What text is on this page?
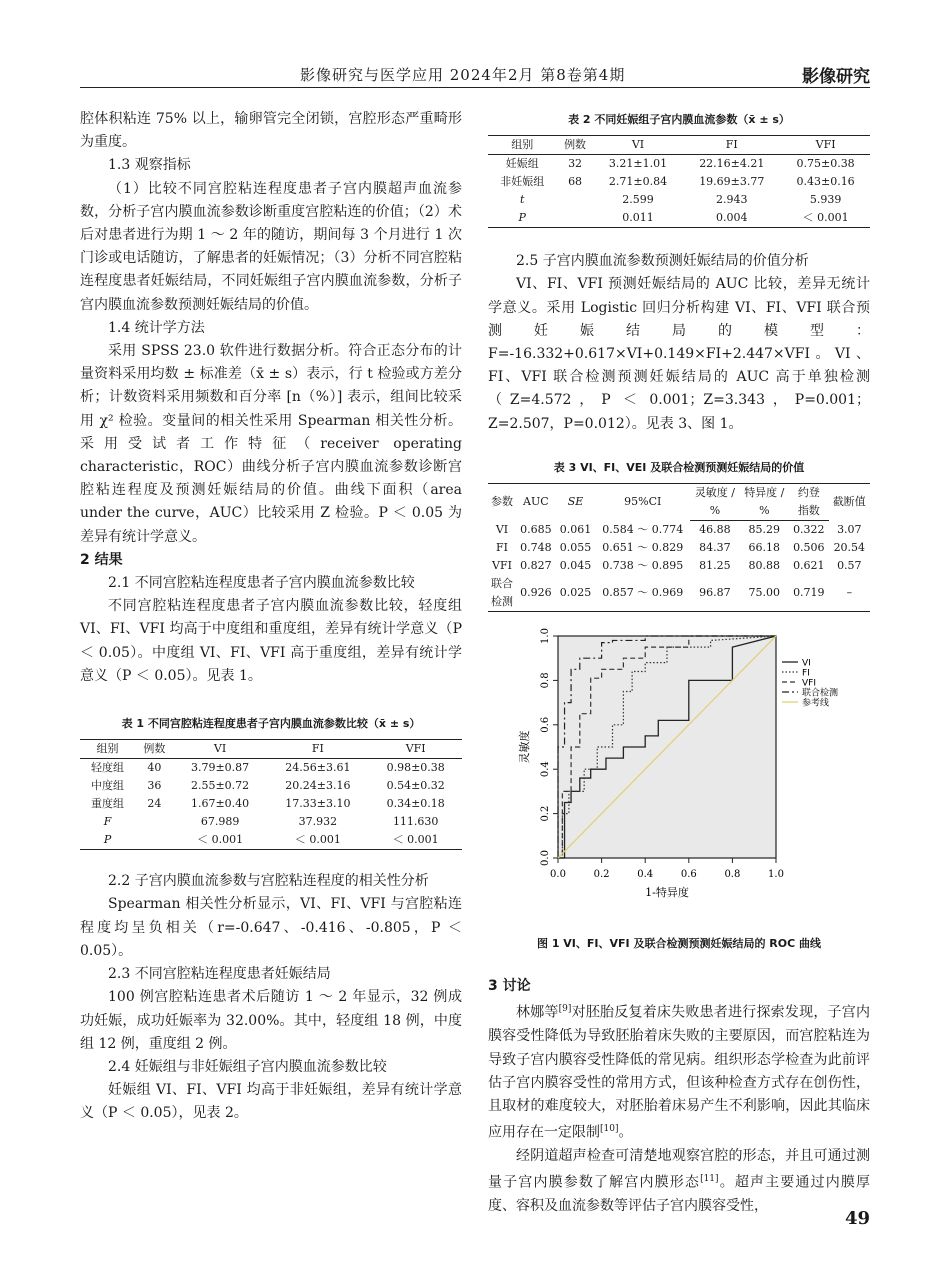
影像研究与医学应用 2024年2月 第8卷第4期	影像研究

腔体积粘连 75% 以上，输卵管完全闭锁，宫腔形态严重畸形为重度。

1.3 观察指标

（1）比较不同宫腔粘连程度患者子宫内膜超声血流参数，分析子宫内膜血流参数诊断重度宫腔粘连的价值；（2）术后对患者进行为期 1 ～ 2 年的随访，期间每 3 个月进行 1 次门诊或电话随访，了解患者的妊娠情况；（3）分析不同宫腔粘连程度患者妊娠结局，不同妊娠组子宫内膜血流参数，分析子宫内膜血流参数预测妊娠结局的价值。

1.4 统计学方法

采用 SPSS 23.0 软件进行数据分析。符合正态分布的计量资料采用均数 ± 标准差（x̄ ± s）表示，行 t 检验或方差分析；计数资料采用频数和百分率 [n（%）] 表示，组间比较采用 χ² 检验。变量间的相关性采用 Spearman 相关性分析。采用受试者工作特征（receiver operating characteristic，ROC）曲线分析子宫内膜血流参数诊断宫腔粘连程度及预测妊娠结局的价值。曲线下面积（area under the curve，AUC）比较采用 Z 检验。P ＜ 0.05 为差异有统计学意义。

2 结果

2.1 不同宫腔粘连程度患者子宫内膜血流参数比较

不同宫腔粘连程度患者子宫内膜血流参数比较，轻度组 VI、FI、VFI 均高于中度组和重度组，差异有统计学意义（P ＜ 0.05）。中度组 VI、FI、VFI 高于重度组，差异有统计学意义（P ＜ 0.05）。见表 1。

表 1 不同宫腔粘连程度患者子宫内膜血流参数比较（x̄ ± s）

组别	例数	VI	FI	VFI
轻度组	40	3.79±0.87	24.56±3.61	0.98±0.38
中度组	36	2.55±0.72	20.24±3.16	0.54±0.32
重度组	24	1.67±0.40	17.33±3.10	0.34±0.18
F		67.989	37.932	111.630
P		＜ 0.001	＜ 0.001	＜ 0.001

2.2 子宫内膜血流参数与宫腔粘连程度的相关性分析

Spearman 相关性分析显示，VI、FI、VFI 与宫腔粘连程度均呈负相关（r=-0.647、-0.416、-0.805，P ＜ 0.05）。

2.3 不同宫腔粘连程度患者妊娠结局

100 例宫腔粘连患者术后随访 1 ～ 2 年显示，32 例成功妊娠，成功妊娠率为 32.00%。其中，轻度组 18 例，中度组 12 例，重度组 2 例。

2.4 妊娠组与非妊娠组子宫内膜血流参数比较

妊娠组 VI、FI、VFI 均高于非妊娠组，差异有统计学意义（P ＜ 0.05），见表 2。

表 2 不同妊娠组子宫内膜血流参数（x̄ ± s）

组别	例数	VI	FI	VFI
妊娠组	32	3.21±1.01	22.16±4.21	0.75±0.38
非妊娠组	68	2.71±0.84	19.69±3.77	0.43±0.16
t		2.599	2.943	5.939
P		0.011	0.004	＜ 0.001

2.5 子宫内膜血流参数预测妊娠结局的价值分析

VI、FI、VFI 预测妊娠结局的 AUC 比较，差异无统计学意义。采用 Logistic 回归分析构建 VI、FI、VFI 联合预测妊娠结局的模型：F=-16.332+0.617×VI+0.149×FI+2.447×VFI。VI、FI、VFI 联合检测预测妊娠结局的 AUC 高于单独检测（Z=4.572，P ＜ 0.001；Z=3.343，P=0.001；Z=2.507，P=0.012）。见表 3、图 1。

表 3 VI、FI、VEI 及联合检测预测妊娠结局的价值

参数	AUC	SE	95%CI	灵敏度 /	特异度 /	约登	截断值
				%	%	指数	
VI	0.685	0.061	0.584 ～ 0.774	46.88	85.29	0.322	3.07
FI	0.748	0.055	0.651 ～ 0.829	84.37	66.18	0.506	20.54
VFI	0.827	0.045	0.738 ～ 0.895	81.25	80.88	0.621	0.57
联合检测	0.926	0.025	0.857 ～ 0.969	96.87	75.00	0.719	–
0.0	0.2	0.4	0.6	0.8	1.0
0.0
0.2
0.4
0.6
0.8
1.0
1-特异度
灵敏度
VI
FI
VFI
联合检测
参考线

图 1 VI、FI、VFI 及联合检测预测妊娠结局的 ROC 曲线

3 讨论

林娜等[9]对胚胎反复着床失败患者进行探索发现，子宫内膜容受性降低为导致胚胎着床失败的主要原因，而宫腔粘连为导致子宫内膜容受性降低的常见病。组织形态学检查为此前评估子宫内膜容受性的常用方式，但该种检查方式存在创伤性，且取材的难度较大，对胚胎着床易产生不利影响，因此其临床应用存在一定限制[10]。

经阴道超声检查可清楚地观察宫腔的形态，并且可通过测量子宫内膜参数了解宫内膜形态[11]。超声主要通过内膜厚度、容积及血流参数等评估子宫内膜容受性，

49
